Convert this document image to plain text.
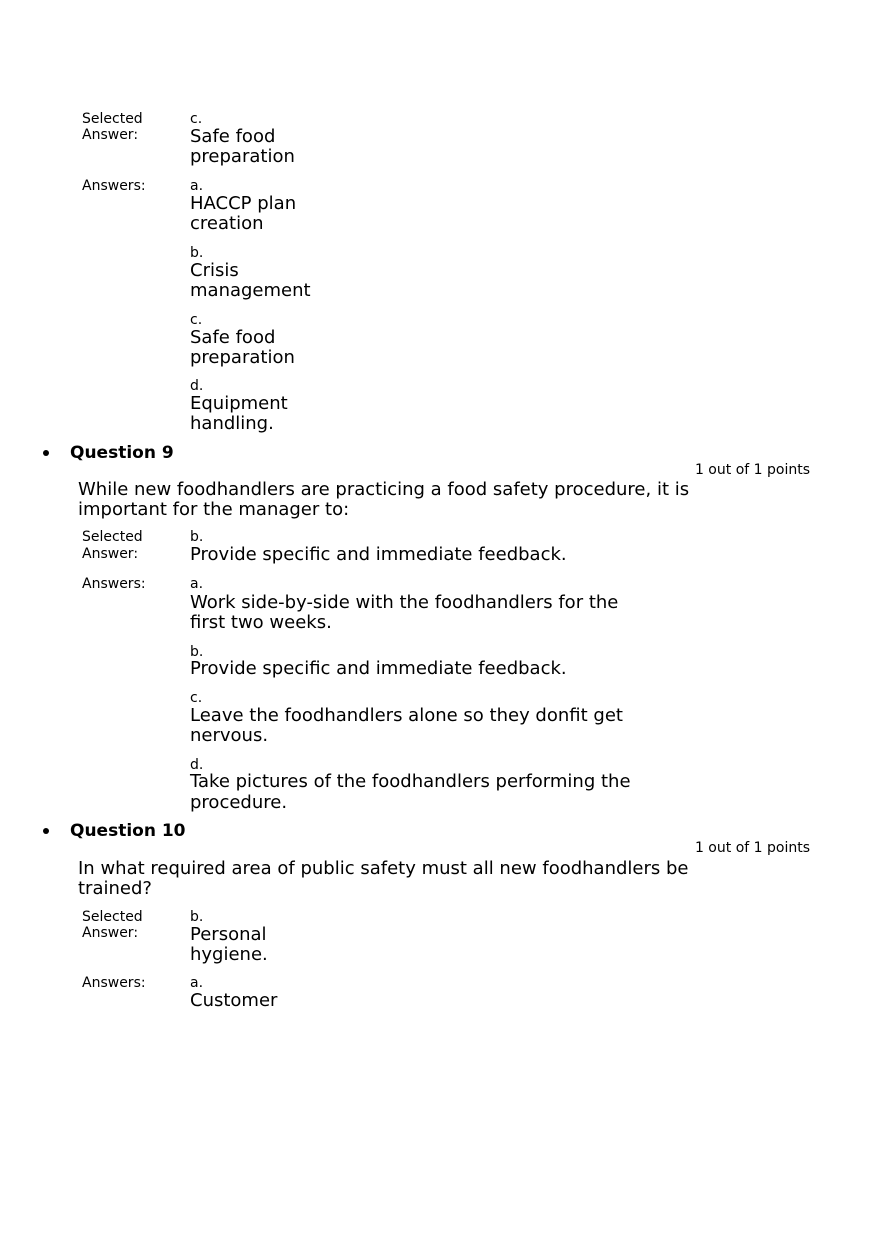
Selected
Answer:
c.
Safe food
preparation
Answers:	a.
HACCP plan
creation
b.
Crisis
management
c.
Safe food
preparation
d.
Equipment
handling.
Question 9
1 out of 1 points
While new foodhandlers are practicing a food safety procedure, it is
important for the manager to:
Selected
Answer:
b.
Provide specific and immediate feedback.
Answers:	a.
Work side-by-side with the foodhandlers for the
first two weeks.
b.
Provide specific and immediate feedback.
c.
Leave the foodhandlers alone so they donfit get
nervous.
d.
Take pictures of the foodhandlers performing the
procedure.
Question 10
1 out of 1 points
In what required area of public safety must all new foodhandlers be
trained?
Selected
Answer:
b.
Personal
hygiene.
Answers:	a.
Customer
